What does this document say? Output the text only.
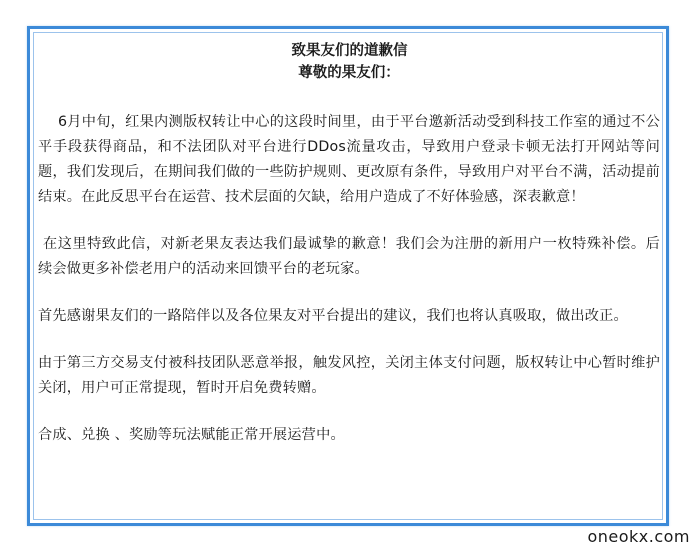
致果友们的道歉信
尊敬的果友们：

6月中旬，红果内测版权转让中心的这段时间里，由于平台邀新活动受到科技工作室的通过不公平手段获得商品，和不法团队对平台进行DDos流量攻击，导致用户登录卡顿无法打开网站等问题，我们发现后，在期间我们做的一些防护规则、更改原有条件，导致用户对平台不满，活动提前结束。在此反思平台在运营、技术层面的欠缺，给用户造成了不好体验感，深表歉意！

在这里特致此信，对新老果友表达我们最诚挚的歉意！我们会为注册的新用户一枚特殊补偿。后续会做更多补偿老用户的活动来回馈平台的老玩家。

首先感谢果友们的一路陪伴以及各位果友对平台提出的建议，我们也将认真吸取，做出改正。

由于第三方交易支付被科技团队恶意举报，触发风控，关闭主体支付问题，版权转让中心暂时维护关闭，用户可正常提现，暂时开启免费转赠。

合成、兑换 、奖励等玩法赋能正常开展运营中。

oneokx.com
